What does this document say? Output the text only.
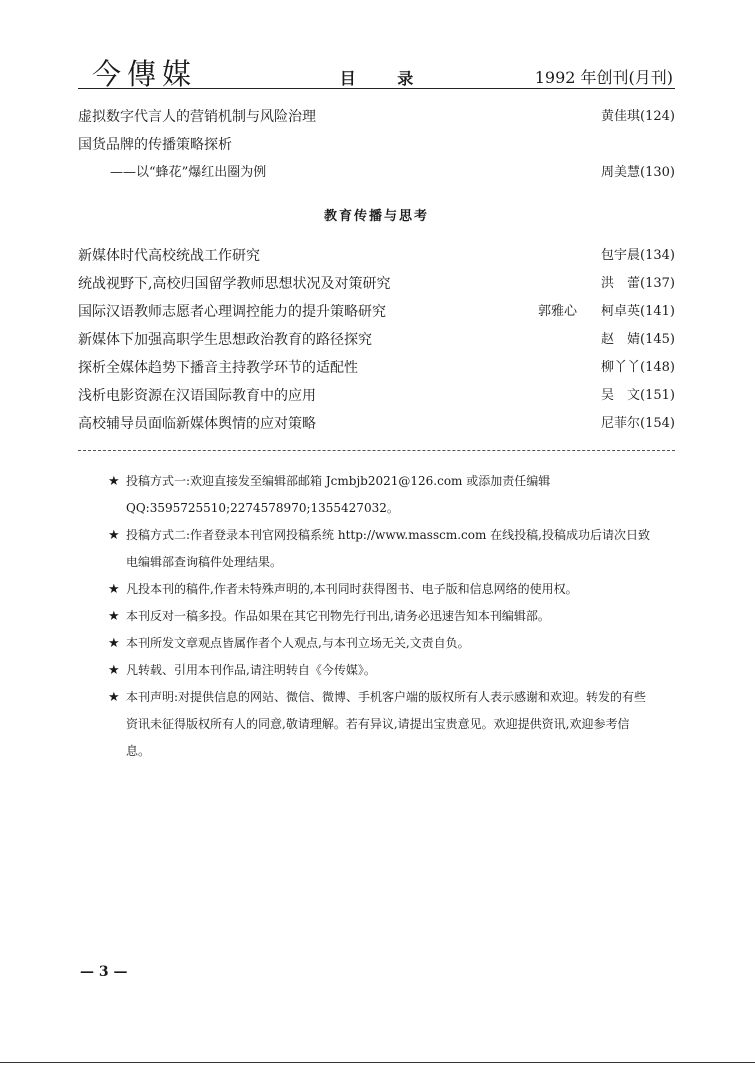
今傳媒	目 录	1992 年创刊(月刊)
虚拟数字代言人的营销机制与风险治理	黄佳琪(124)
国货品牌的传播策略探析
——以“蜂花”爆红出圈为例	周美慧(130)
教育传播与思考
新媒体时代高校统战工作研究	包宇晨(134)
统战视野下,高校归国留学教师思想状况及对策研究	洪　蕾(137)
国际汉语教师志愿者心理调控能力的提升策略研究	郭雅心 柯卓英(141)
新媒体下加强高职学生思想政治教育的路径探究	赵　婧(145)
探析全媒体趋势下播音主持教学环节的适配性	柳丫丫(148)
浅析电影资源在汉语国际教育中的应用	吴　文(151)
高校辅导员面临新媒体舆情的应对策略	尼菲尔(154)
★ 投稿方式一:欢迎直接发至编辑部邮箱 Jcmbjb2021@126.com 或添加责任编辑 QQ:3595725510;2274578970;1355427032。
★ 投稿方式二:作者登录本刊官网投稿系统 http://www.masscm.com 在线投稿,投稿成功后请次日致电编辑部查询稿件处理结果。
★ 凡投本刊的稿件,作者未特殊声明的,本刊同时获得图书、电子版和信息网络的使用权。
★ 本刊反对一稿多投。作品如果在其它刊物先行刊出,请务必迅速告知本刊编辑部。
★ 本刊所发文章观点皆属作者个人观点,与本刊立场无关,文责自负。
★ 凡转载、引用本刊作品,请注明转自《今传媒》。
★ 本刊声明:对提供信息的网站、微信、微博、手机客户端的版权所有人表示感谢和欢迎。转发的有些资讯未征得版权所有人的同意,敬请理解。若有异议,请提出宝贵意见。欢迎提供资讯,欢迎参考信息。
— 3 —
